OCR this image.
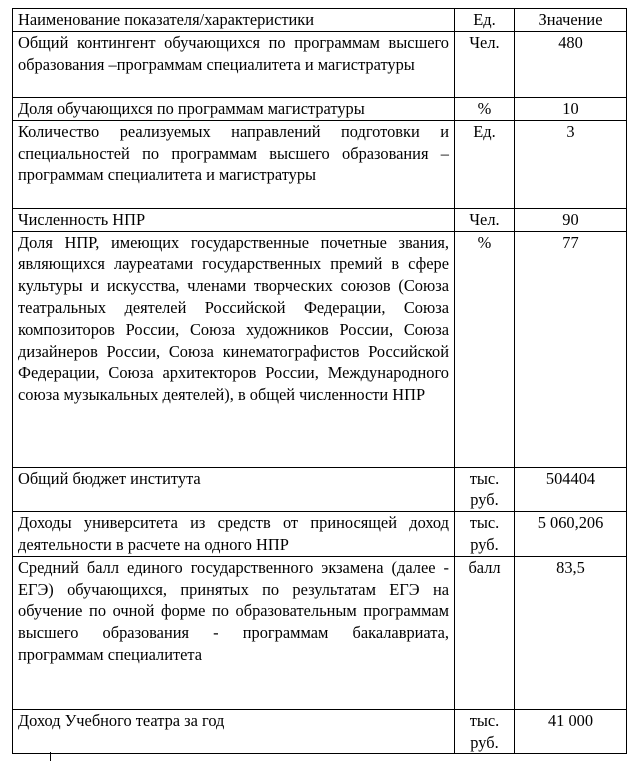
Наименование показателя/характеристики	Ед.	Значение
Общий контингент обучающихся по программам высшего образования –программам специалитета и магистратуры	Чел.	480
Доля обучающихся по программам магистратуры	%	10
Количество реализуемых направлений подготовки и специальностей по программам высшего образования –программам специалитета и магистратуры	Ед.	3
Численность НПР	Чел.	90
Доля НПР, имеющих государственные почетные звания, являющихся лауреатами государственных премий в сфере культуры и искусства, членами творческих союзов (Союза театральных деятелей Российской Федерации, Союза композиторов России, Союза художников России, Союза дизайнеров России, Союза кинематографистов Российской Федерации, Союза архитекторов России, Международного союза музыкальных деятелей), в общей численности НПР	%	77
Общий бюджет института	тыс. руб.	504404
Доходы университета из средств от приносящей доход деятельности в расчете на одного НПР	тыс. руб.	5 060,206
Средний балл единого государственного экзамена (далее - ЕГЭ) обучающихся, принятых по результатам ЕГЭ на обучение по очной форме по образовательным программам высшего образования - программам бакалавриата, программам специалитета	балл	83,5
Доход Учебного театра за год	тыс. руб.	41 000
